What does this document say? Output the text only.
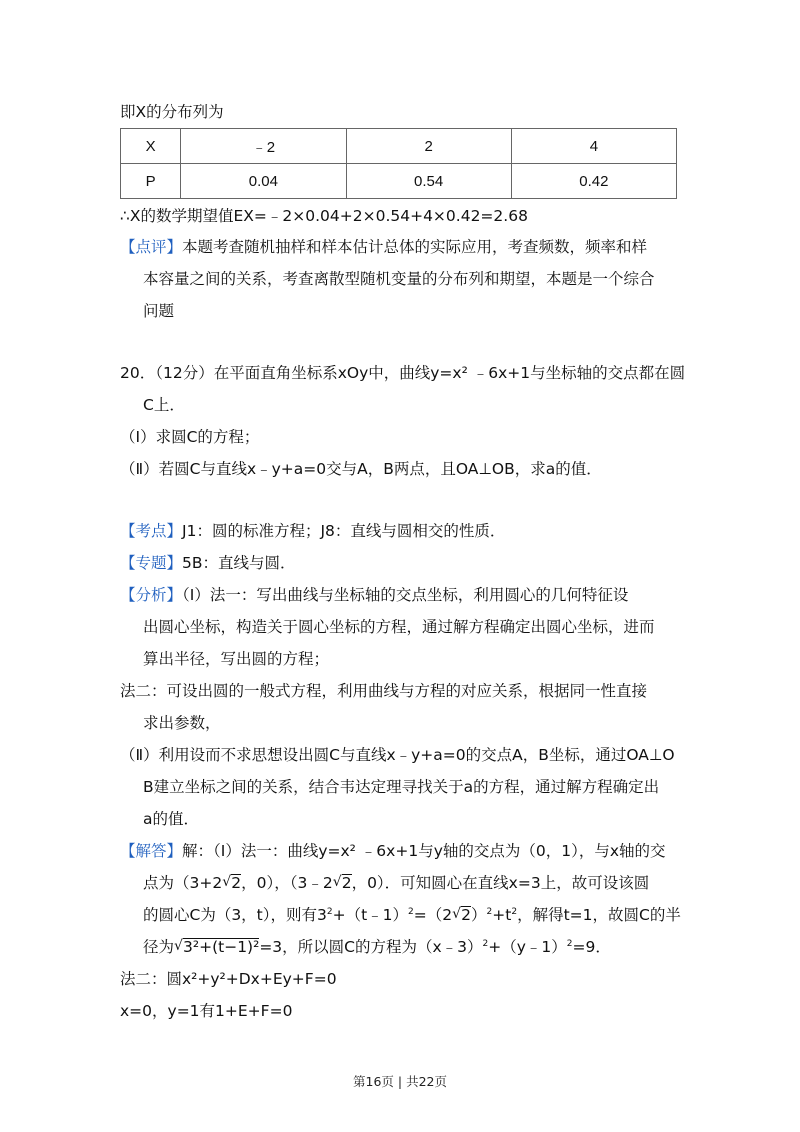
即X的分布列为
X	﹣2	2	4
P	0.04	0.54	0.42
∴X的数学期望值EX=﹣2×0.04+2×0.54+4×0.42=2.68
【点评】本题考查随机抽样和样本估计总体的实际应用，考查频数，频率和样
本容量之间的关系，考查离散型随机变量的分布列和期望，本题是一个综合
问题
20．（12分）在平面直角坐标系xOy中，曲线y=x² ﹣6x+1与坐标轴的交点都在圆
C上．
（Ⅰ）求圆C的方程；
（Ⅱ）若圆C与直线x﹣y+a=0交与A，B两点，且OA⊥OB，求a的值．
【考点】J1：圆的标准方程；J8：直线与圆相交的性质．
【专题】5B：直线与圆．
【分析】（Ⅰ）法一：写出曲线与坐标轴的交点坐标，利用圆心的几何特征设
出圆心坐标，构造关于圆心坐标的方程，通过解方程确定出圆心坐标，进而
算出半径，写出圆的方程；
法二：可设出圆的一般式方程，利用曲线与方程的对应关系，根据同一性直接
求出参数，
（Ⅱ）利用设而不求思想设出圆C与直线x﹣y+a=0的交点A，B坐标，通过OA⊥O
B建立坐标之间的关系，结合韦达定理寻找关于a的方程，通过解方程确定出
a的值．
【解答】解：（Ⅰ）法一：曲线y=x² ﹣6x+1与y轴的交点为（0，1），与x轴的交
点为（3+2 √ 2，0），（3﹣2 √ 2，0）．可知圆心在直线x=3上，故可设该圆
的圆心C为（3，t），则有$3^2+(t﹣1)^2=(2$ √ $2)^2+t^2$，解得t=1，故圆C的半
径为 √ 3²+(t−1)²=3，所以圆C的方程为（x﹣3）$^2$+（y﹣1）$^2$=9．
法二：圆x²+y²+Dx+Ey+F=0
x=0，y=1有1+E+F=0
第16页 | 共22页
